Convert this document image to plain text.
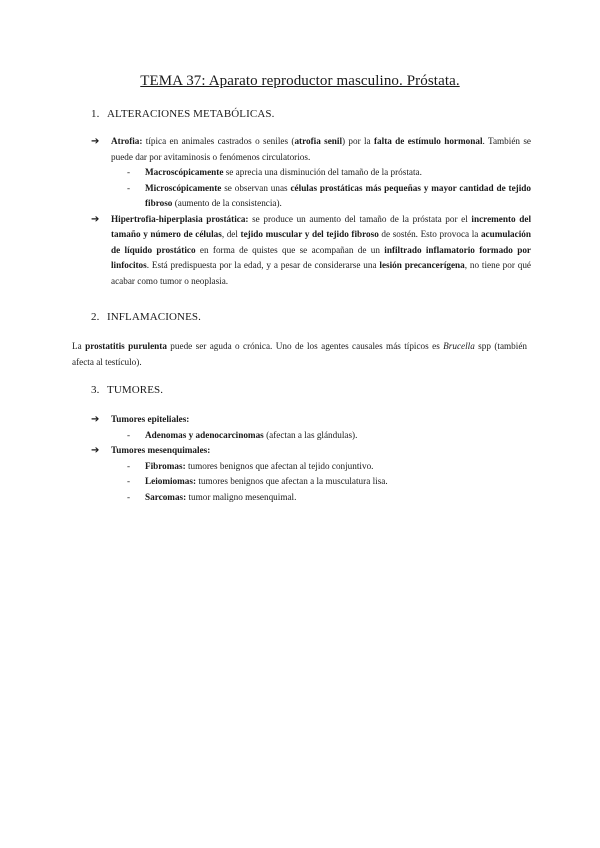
TEMA 37: Aparato reproductor masculino. Próstata.
1. ALTERACIONES METABÓLICAS.
➔ Atrofia: típica en animales castrados o seniles (atrofia senil) por la falta de estímulo hormonal. También se puede dar por avitaminosis o fenómenos circulatorios.
- Macroscópicamente se aprecia una disminución del tamaño de la próstata.
- Microscópicamente se observan unas células prostáticas más pequeñas y mayor cantidad de tejido fibroso (aumento de la consistencia).
➔ Hipertrofia-hiperplasia prostática: se produce un aumento del tamaño de la próstata por el incremento del tamaño y número de células, del tejido muscular y del tejido fibroso de sostén. Esto provoca la acumulación de líquido prostático en forma de quistes que se acompañan de un infiltrado inflamatorio formado por linfocitos. Está predispuesta por la edad, y a pesar de considerarse una lesión precancerígena, no tiene por qué acabar como tumor o neoplasia.
2. INFLAMACIONES.
La prostatitis purulenta puede ser aguda o crónica. Uno de los agentes causales más típicos es Brucella spp (también afecta al testículo).
3. TUMORES.
➔ Tumores epiteliales:
- Adenomas y adenocarcinomas (afectan a las glándulas).
➔ Tumores mesenquimales:
- Fibromas: tumores benignos que afectan al tejido conjuntivo.
- Leiomiomas: tumores benignos que afectan a la musculatura lisa.
- Sarcomas: tumor maligno mesenquimal.
